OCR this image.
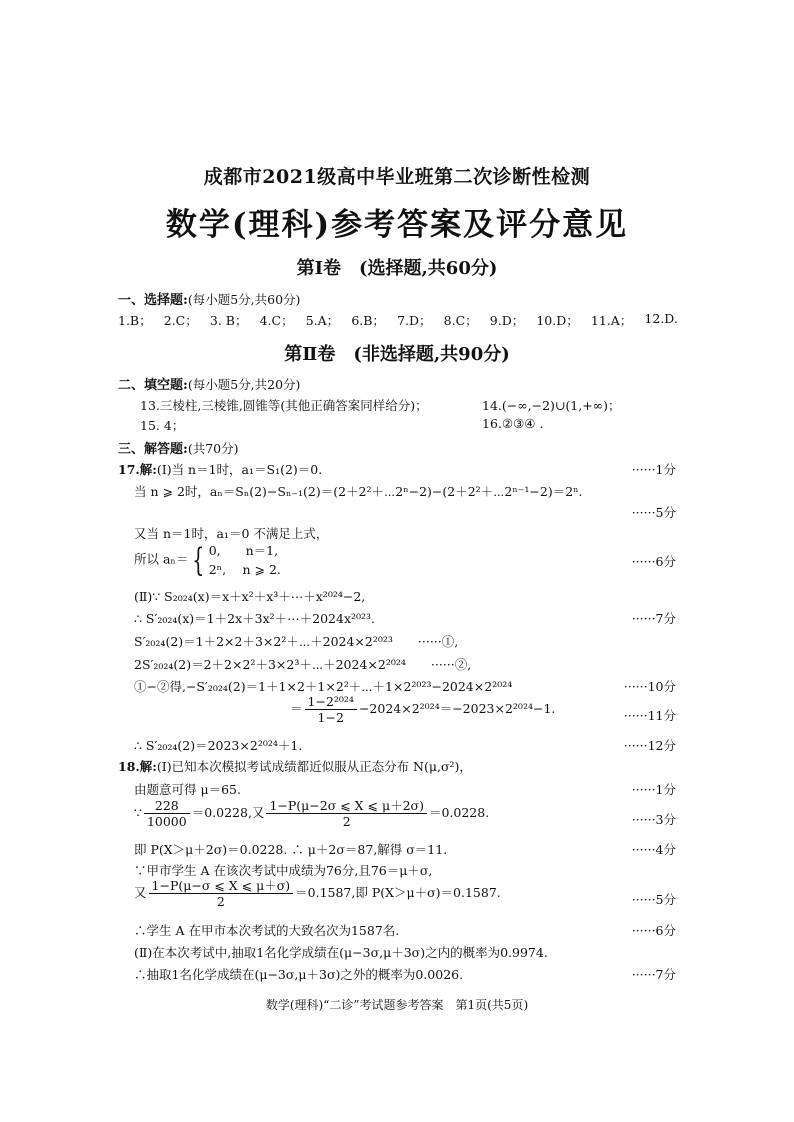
成都市2021级高中毕业班第二次诊断性检测
数学(理科)参考答案及评分意见
第Ⅰ卷　(选择题,共60分)
一、选择题:(每小题5分,共60分)
1.B； 2.C； 3. B； 4.C； 5.A； 6.B； 7.D； 8.C； 9.D； 10.D； 11.A； 12.D.
第Ⅱ卷　(非选择题,共90分)
二、填空题:(每小题5分,共20分)
13.三棱柱,三棱锥,圆锥等(其他正确答案同样给分)；	14.(−∞,−2)∪(1,+∞)；
15. 4；	16.②③④ .
三、解答题:(共70分)
17.解:(Ⅰ)当 n＝1时，a₁＝S₁(2)＝0.	······1分
当 n ⩾ 2时，aₙ＝Sₙ(2)−Sₙ₋₁(2)＝(2＋2²＋⋯2ⁿ−2)−(2＋2²＋⋯2ⁿ⁻¹−2)＝2ⁿ.
······5分
又当 n＝1时，a₁＝0 不满足上式，
所以 aₙ＝ { 0,　　n＝1,
2ⁿ,　 n ⩾ 2.
······6分
(Ⅱ)∵ S₂₀₂₄(x)＝x＋x²＋x³＋⋯＋x²⁰²⁴−2,
∴ S′₂₀₂₄(x)＝1＋2x＋3x²＋⋯＋2024x²⁰²³.	······7分
S′₂₀₂₄(2)＝1＋2×2＋3×2²＋⋯＋2024×2²⁰²³　　······①,
2S′₂₀₂₄(2)＝2＋2×2²＋3×2³＋⋯＋2024×2²⁰²⁴　　······②,
①−②得,−S′₂₀₂₄(2)＝1＋1×2＋1×2²＋⋯＋1×2²⁰²³−2024×2²⁰²⁴	······10分
＝ $\frac{\text{1−2²⁰²⁴}}{1-2} -2024\times 2^{2024}=-2023\times 2^{2024}-1$.	······11分
∴ S′₂₀₂₄(2)＝2023×2²⁰²⁴＋1.	······12分
18.解:(Ⅰ)已知本次模拟考试成绩都近似服从正态分布 N(μ,σ²)，
由题意可得 μ＝65.	······1分
∵ $\frac{228}{10000} =0.0228$,又 $\frac{1-P(\mu-2\sigma ⩽ X ⩽ \mu+2\sigma)}{2} =0.0228$.	······3分
即 P(X＞μ＋2σ)＝0.0228. ∴ μ＋2σ＝87,解得 σ＝11.	······4分
∵甲市学生 A 在该次考试中成绩为76分,且76＝μ＋σ,
又 $\frac{1-P(\mu-\sigma ⩽ X ⩽ \mu+\sigma)}{2} =0.1587$,即 P(X＞μ＋σ)＝0.1587.	······5分
∴学生 A 在甲市本次考试的大致名次为1587名.	······6分
(Ⅱ)在本次考试中,抽取1名化学成绩在(μ−3σ,μ＋3σ)之内的概率为0.9974.
∴抽取1名化学成绩在(μ−3σ,μ＋3σ)之外的概率为0.0026.	······7分
数学(理科)“二诊”考试题参考答案　第1页(共5页)
